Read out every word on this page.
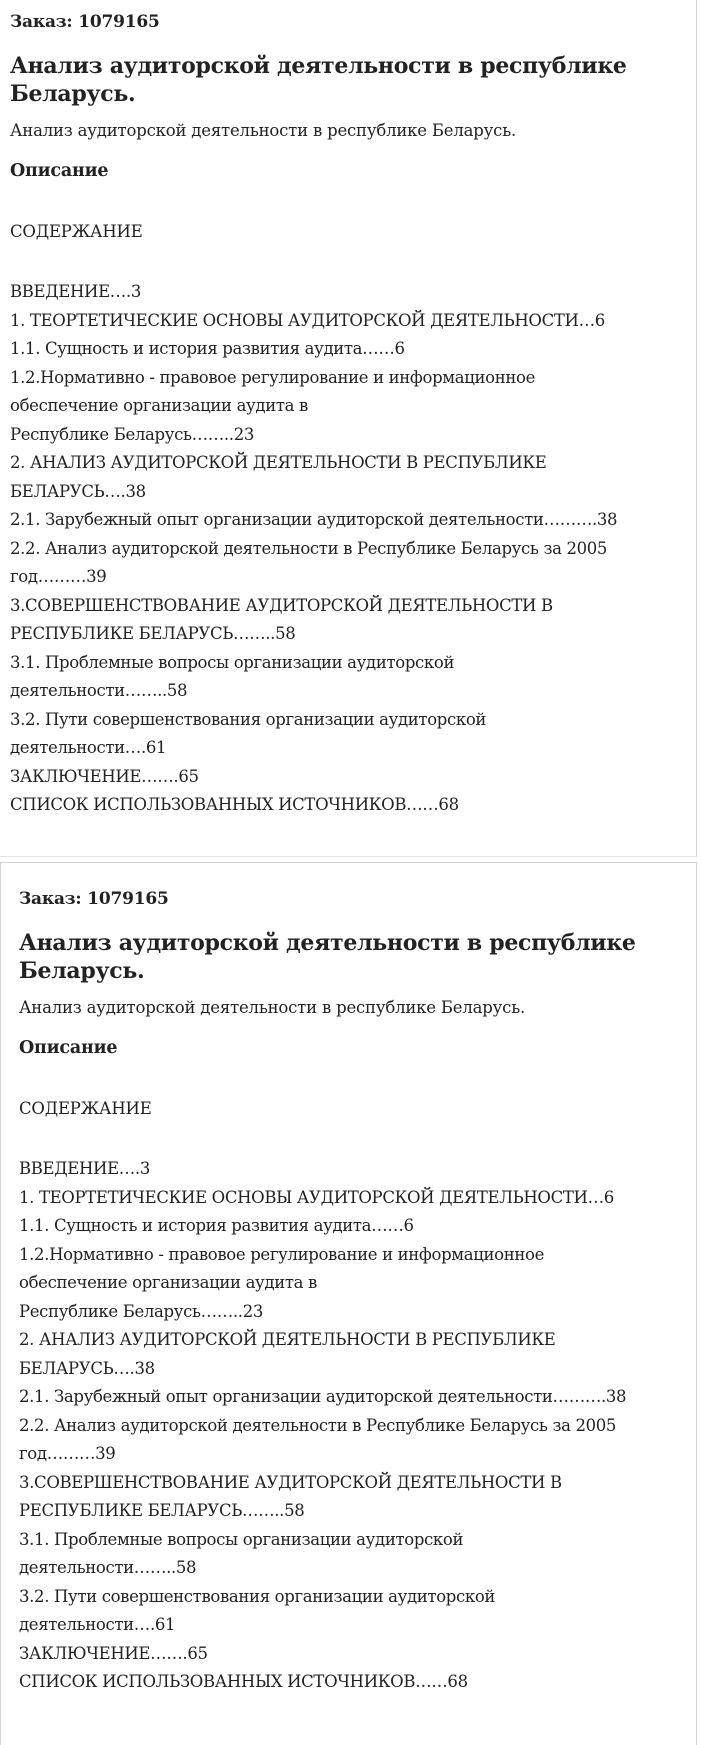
Заказ: 1079165
Анализ аудиторской деятельности в республике
Беларусь.
Анализ аудиторской деятельности в республике Беларусь.
Описание
СОДЕРЖАНИЕ
ВВЕДЕНИЕ….3
1. ТЕОРТЕТИЧЕСКИЕ ОСНОВЫ АУДИТОРСКОЙ ДЕЯТЕЛЬНОСТИ…6
1.1. Сущность и история развития аудита……6
1.2.Нормативно - правовое регулирование и информационное
обеспечение организации аудита в
Республике Беларусь……..23
2. АНАЛИЗ АУДИТОРСКОЙ ДЕЯТЕЛЬНОСТИ В РЕСПУБЛИКЕ
БЕЛАРУСЬ….38
2.1. Зарубежный опыт организации аудиторской деятельности……….38
2.2. Анализ аудиторской деятельности в Республике Беларусь за 2005
год………39
3.СОВЕРШЕНСТВОВАНИЕ АУДИТОРСКОЙ ДЕЯТЕЛЬНОСТИ В
РЕСПУБЛИКЕ БЕЛАРУСЬ……..58
3.1. Проблемные вопросы организации аудиторской
деятельности……..58
3.2. Пути совершенствования организации аудиторской
деятельности….61
ЗАКЛЮЧЕНИЕ…….65
СПИСОК ИСПОЛЬЗОВАННЫХ ИСТОЧНИКОВ……68
Заказ: 1079165
Анализ аудиторской деятельности в республике
Беларусь.
Анализ аудиторской деятельности в республике Беларусь.
Описание
СОДЕРЖАНИЕ
ВВЕДЕНИЕ….3
1. ТЕОРТЕТИЧЕСКИЕ ОСНОВЫ АУДИТОРСКОЙ ДЕЯТЕЛЬНОСТИ…6
1.1. Сущность и история развития аудита……6
1.2.Нормативно - правовое регулирование и информационное
обеспечение организации аудита в
Республике Беларусь……..23
2. АНАЛИЗ АУДИТОРСКОЙ ДЕЯТЕЛЬНОСТИ В РЕСПУБЛИКЕ
БЕЛАРУСЬ….38
2.1. Зарубежный опыт организации аудиторской деятельности……….38
2.2. Анализ аудиторской деятельности в Республике Беларусь за 2005
год………39
3.СОВЕРШЕНСТВОВАНИЕ АУДИТОРСКОЙ ДЕЯТЕЛЬНОСТИ В
РЕСПУБЛИКЕ БЕЛАРУСЬ……..58
3.1. Проблемные вопросы организации аудиторской
деятельности……..58
3.2. Пути совершенствования организации аудиторской
деятельности….61
ЗАКЛЮЧЕНИЕ…….65
СПИСОК ИСПОЛЬЗОВАННЫХ ИСТОЧНИКОВ……68
